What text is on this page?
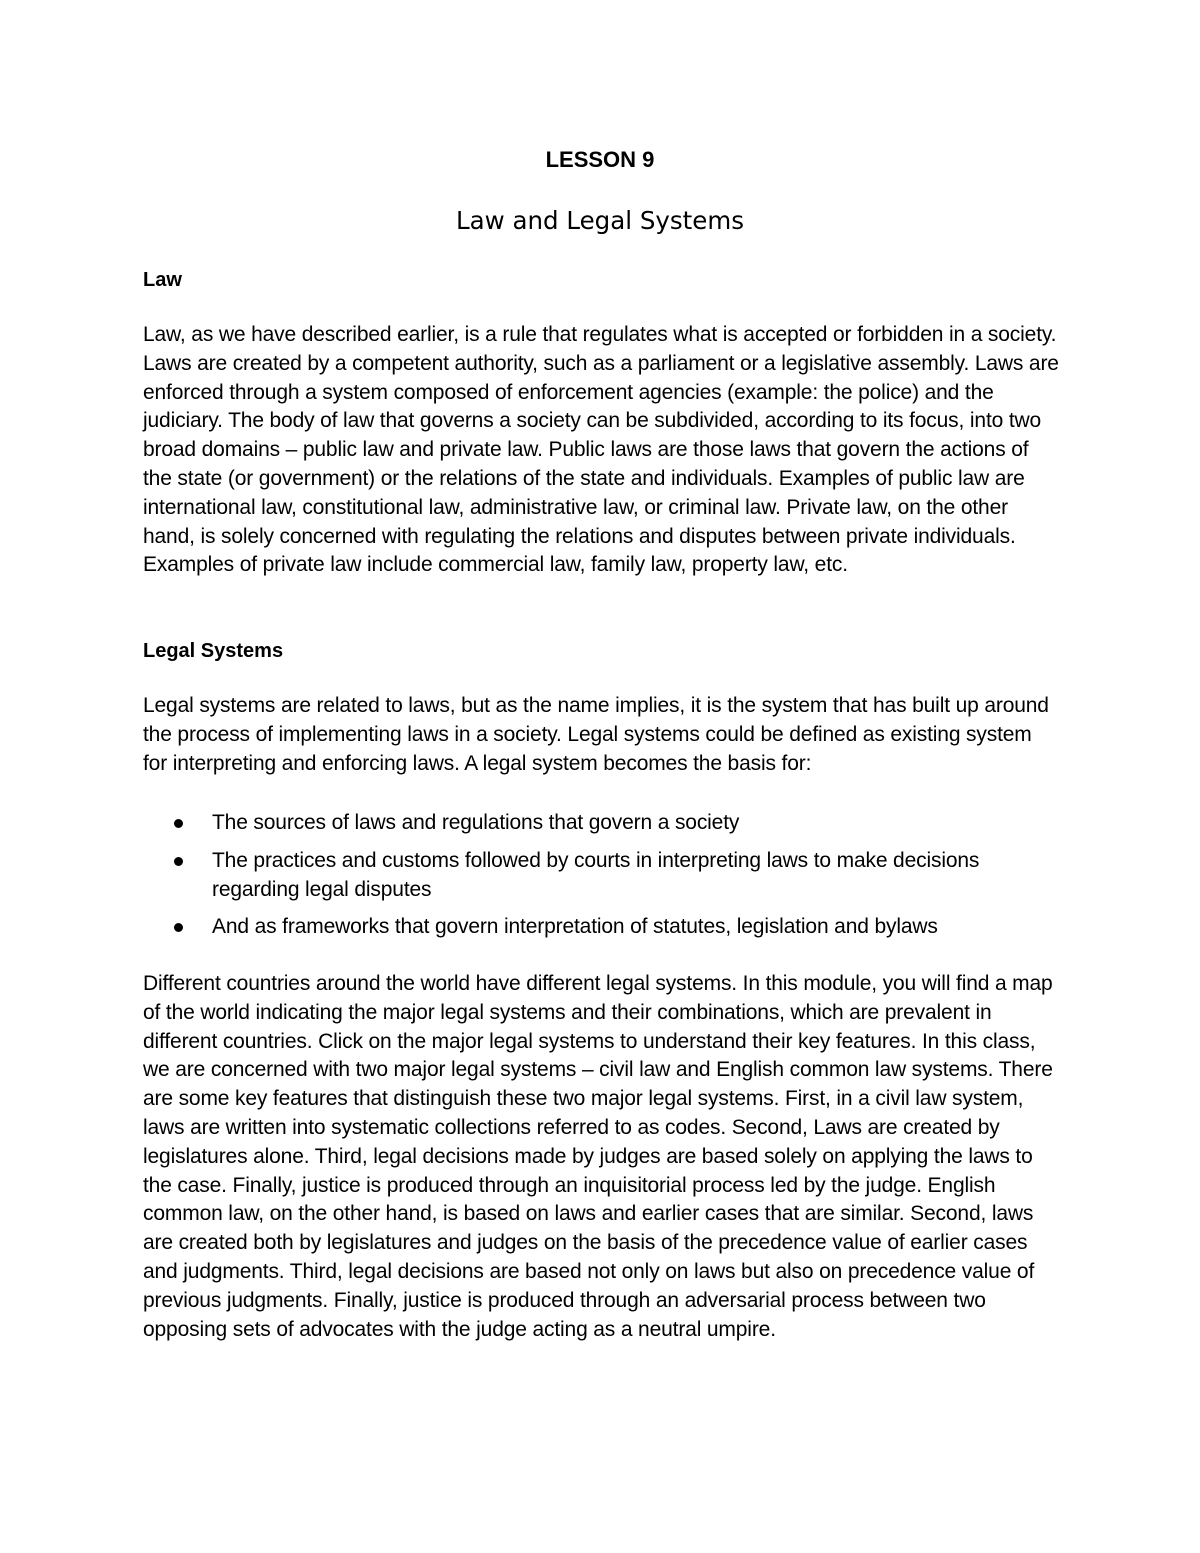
LESSON 9
Law and Legal Systems
Law

Law, as we have described earlier, is a rule that regulates what is accepted or forbidden in a society. Laws are created by a competent authority, such as a parliament or a legislative assembly. Laws are enforced through a system composed of enforcement agencies (example: the police) and the judiciary. The body of law that governs a society can be subdivided, according to its focus, into two broad domains – public law and private law. Public laws are those laws that govern the actions of the state (or government) or the relations of the state and individuals. Examples of public law are international law, constitutional law, administrative law, or criminal law. Private law, on the other hand, is solely concerned with regulating the relations and disputes between private individuals. Examples of private law include commercial law, family law, property law, etc.

Legal Systems

Legal systems are related to laws, but as the name implies, it is the system that has built up around the process of implementing laws in a society. Legal systems could be defined as existing system for interpreting and enforcing laws. A legal system becomes the basis for:

The sources of laws and regulations that govern a society
The practices and customs followed by courts in interpreting laws to make decisions regarding legal disputes
And as frameworks that govern interpretation of statutes, legislation and bylaws

Different countries around the world have different legal systems. In this module, you will find a map of the world indicating the major legal systems and their combinations, which are prevalent in different countries. Click on the major legal systems to understand their key features. In this class, we are concerned with two major legal systems – civil law and English common law systems. There are some key features that distinguish these two major legal systems. First, in a civil law system, laws are written into systematic collections referred to as codes. Second, Laws are created by legislatures alone. Third, legal decisions made by judges are based solely on applying the laws to the case. Finally, justice is produced through an inquisitorial process led by the judge. English common law, on the other hand, is based on laws and earlier cases that are similar. Second, laws are created both by legislatures and judges on the basis of the precedence value of earlier cases and judgments. Third, legal decisions are based not only on laws but also on precedence value of previous judgments. Finally, justice is produced through an adversarial process between two opposing sets of advocates with the judge acting as a neutral umpire.
